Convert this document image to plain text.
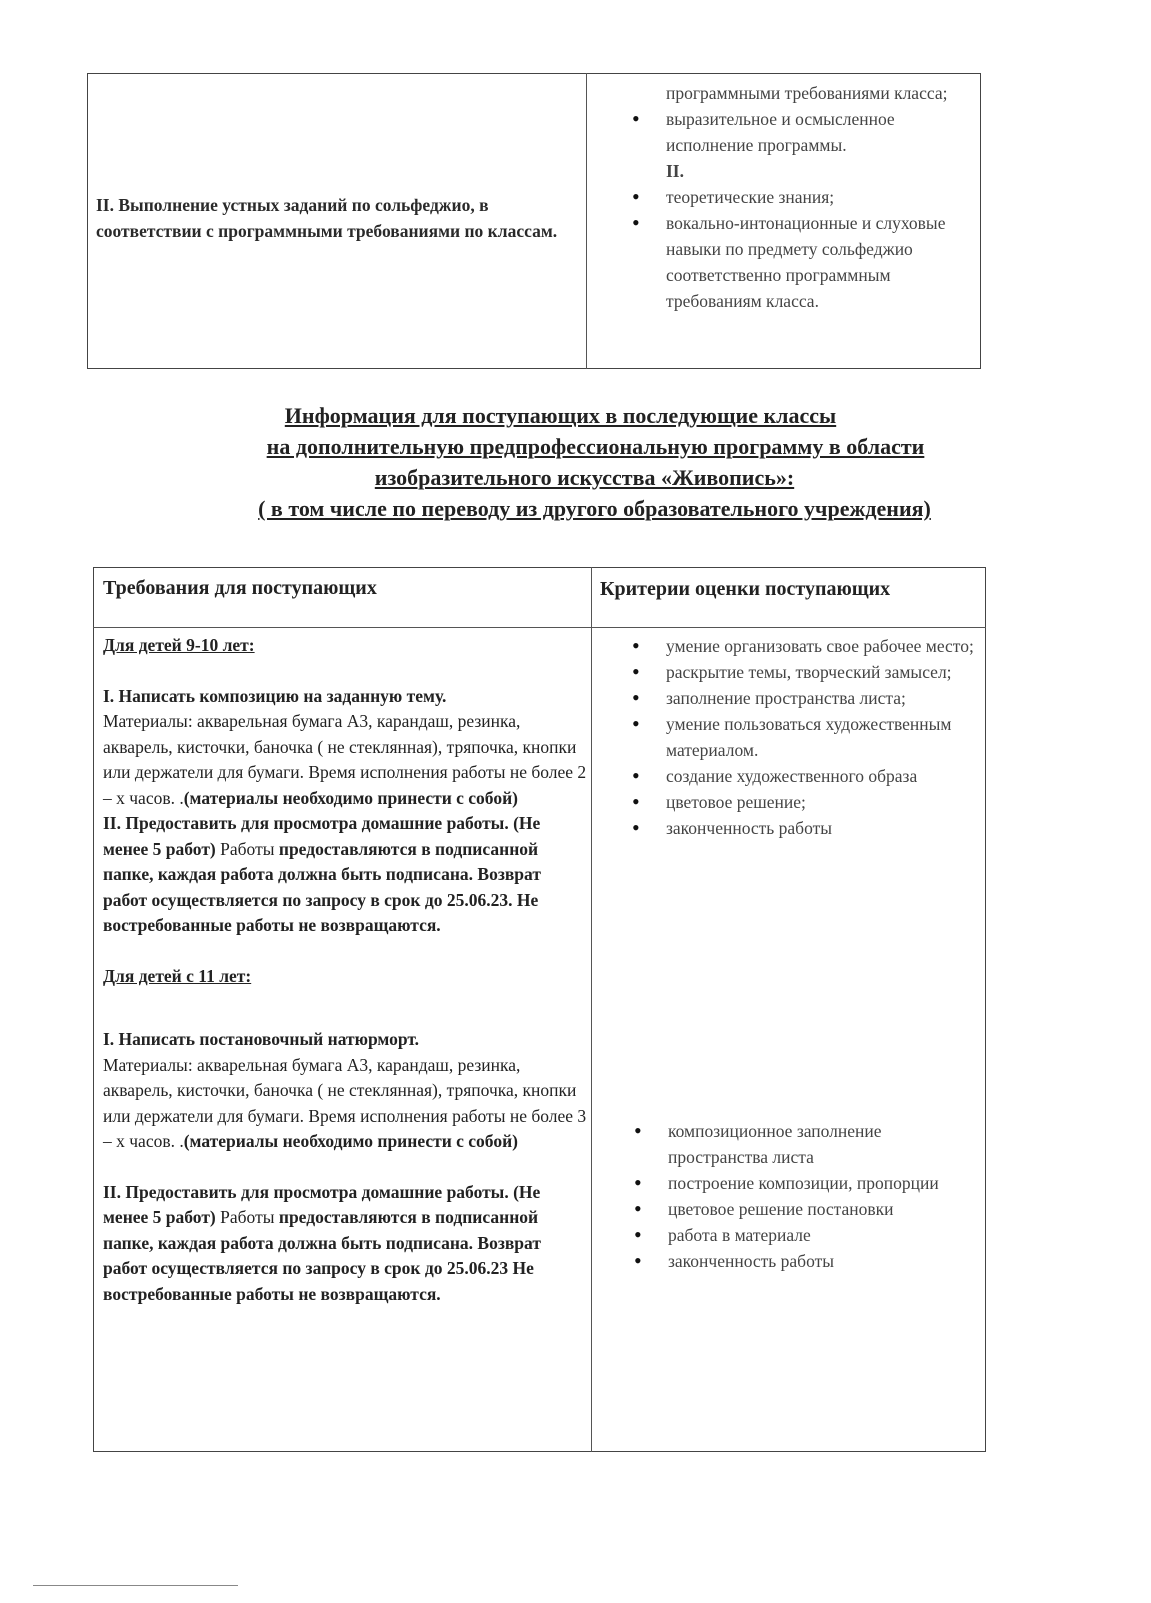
II. Выполнение устных заданий по сольфеджио, в соответствии с программными требованиями по классам.
программными требованиями класса;
• выразительное и осмысленное исполнение программы.
II.
• теоретические знания;
• вокально-интонационные и слуховые навыки по предмету сольфеджио соответственно программным требованиям класса.
Информация для поступающих в последующие классы
на дополнительную предпрофессиональную программу в области
изобразительного искусства «Живопись»:
( в том числе по переводу из другого образовательного учреждения)
Требования для поступающих	Критерии оценки поступающих
Для детей 9-10 лет:
I. Написать композицию на заданную тему.
Материалы: акварельная бумага А3, карандаш, резинка, акварель, кисточки, баночка ( не стеклянная), тряпочка, кнопки или держатели для бумаги. Время исполнения работы не более 2 – х часов. .(материалы необходимо принести с собой)
II. Предоставить для просмотра домашние работы. (Не менее 5 работ) Работы предоставляются в подписанной папке, каждая работа должна быть подписана. Возврат работ осуществляется по запросу в срок до 25.06.23. Не востребованные работы не возвращаются.
Для детей с 11 лет:
I. Написать постановочный натюрморт.
Материалы: акварельная бумага А3, карандаш, резинка, акварель, кисточки, баночка ( не стеклянная), тряпочка, кнопки или держатели для бумаги. Время исполнения работы не более 3 – х часов. .(материалы необходимо принести с собой)
II. Предоставить для просмотра домашние работы. (Не менее 5 работ) Работы предоставляются в подписанной папке, каждая работа должна быть подписана. Возврат работ осуществляется по запросу в срок до 25.06.23 Не востребованные работы не возвращаются.
• умение организовать свое рабочее место;
• раскрытие темы, творческий замысел;
• заполнение пространства листа;
• умение пользоваться художественным материалом.
• создание художественного образа
• цветовое решение;
• законченность работы
• композиционное заполнение пространства листа
• построение композиции, пропорции
• цветовое решение постановки
• работа в материале
• законченность работы
